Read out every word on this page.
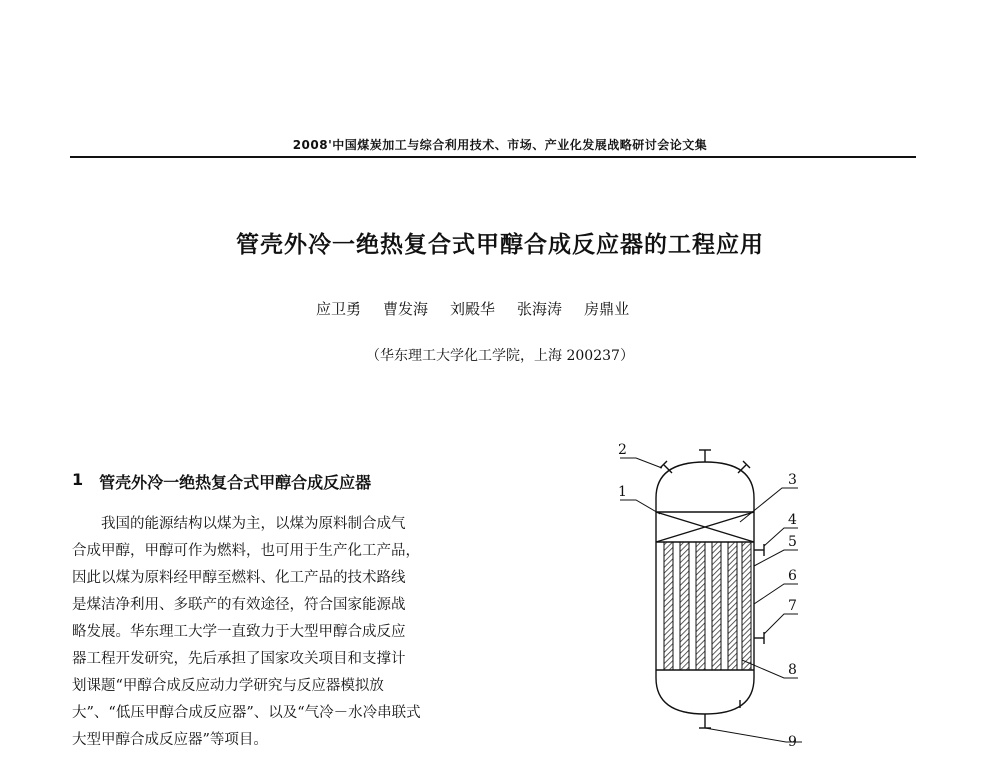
2008'中国煤炭加工与综合利用技术、市场、产业化发展战略研讨会论文集
管壳外冷一绝热复合式甲醇合成反应器的工程应用
应卫勇 曹发海 刘殿华 张海涛 房鼎业
（华东理工大学化工学院，上海 200237）
1 管壳外冷一绝热复合式甲醇合成反应器
我国的能源结构以煤为主，以煤为原料制合成气
合成甲醇，甲醇可作为燃料，也可用于生产化工产品，
因此以煤为原料经甲醇至燃料、化工产品的技术路线
是煤洁净利用、多联产的有效途径，符合国家能源战
略发展。华东理工大学一直致力于大型甲醇合成反应
器工程开发研究，先后承担了国家攻关项目和支撑计
划课题“甲醇合成反应动力学研究与反应器模拟放
大”、“低压甲醇合成反应器”、以及“气冷－水冷串联式
大型甲醇合成反应器”等项目。
1
2
3
4
5
6
7
8
9
